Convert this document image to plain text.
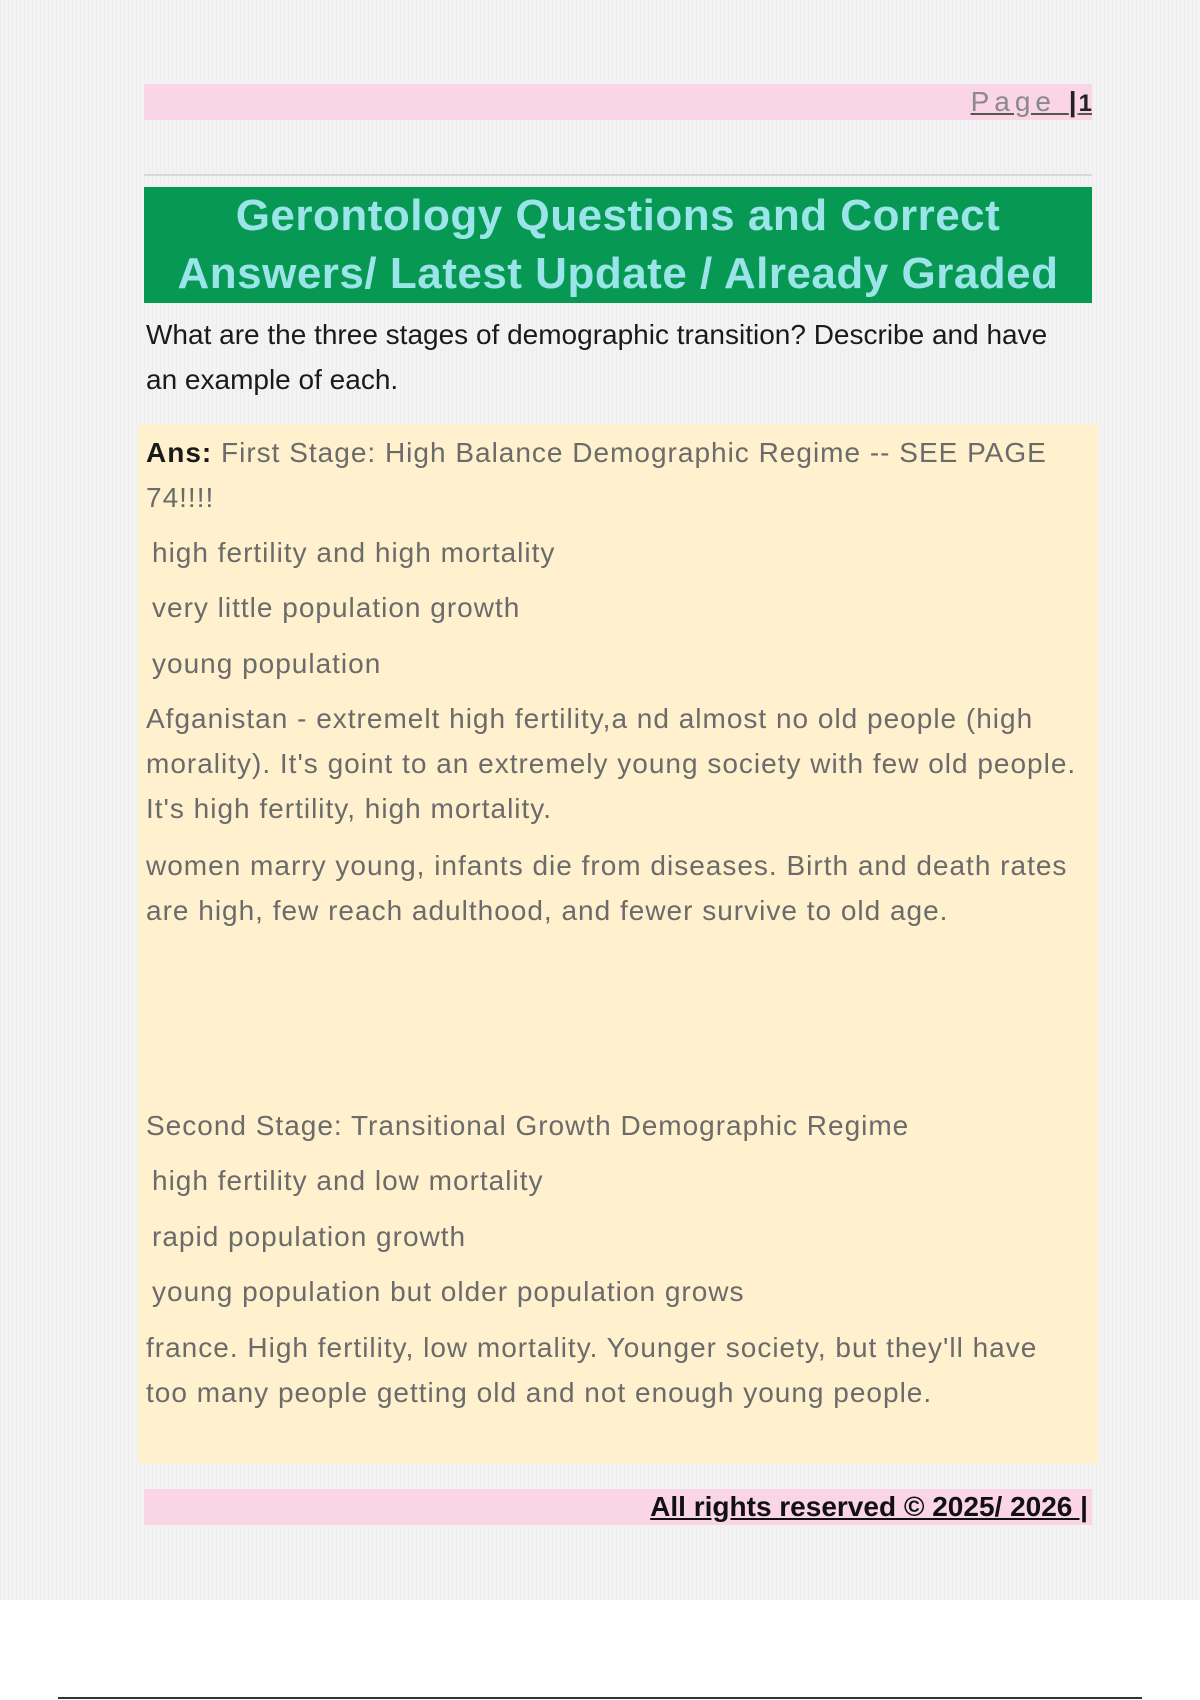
Page |1
Gerontology Questions and Correct
Answers/ Latest Update / Already Graded
What are the three stages of demographic transition? Describe and have an example of each.

Ans: First Stage: High Balance Demographic Regime -- SEE PAGE 74!!!!

high fertility and high mortality

very little population growth

young population

Afganistan - extremelt high fertility,a nd almost no old people (high morality). It's goint to an extremely young society with few old people. It's high fertility, high mortality.

women marry young, infants die from diseases. Birth and death rates are high, few reach adulthood, and fewer survive to old age.

Second Stage: Transitional Growth Demographic Regime

high fertility and low mortality

rapid population growth

young population but older population grows

france. High fertility, low mortality. Younger society, but they'll have too many people getting old and not enough young people.

All rights reserved © 2025/ 2026 |
